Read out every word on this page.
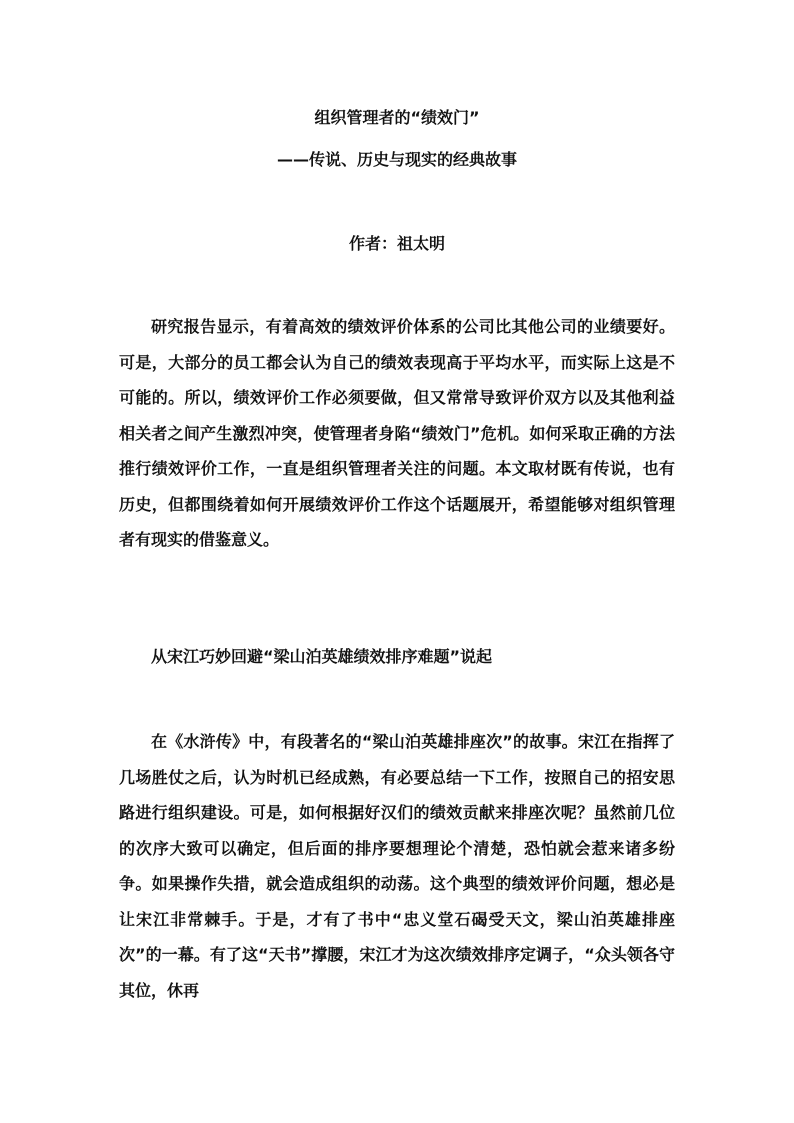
组织管理者的“绩效门”
——传说、历史与现实的经典故事
作者：祖太明

研究报告显示，有着高效的绩效评价体系的公司比其他公司的业绩要好。可是，大部分的员工都会认为自己的绩效表现高于平均水平，而实际上这是不可能的。所以，绩效评价工作必须要做，但又常常导致评价双方以及其他利益相关者之间产生激烈冲突，使管理者身陷“绩效门”危机。如何采取正确的方法推行绩效评价工作，一直是组织管理者关注的问题。本文取材既有传说，也有历史，但都围绕着如何开展绩效评价工作这个话题展开，希望能够对组织管理者有现实的借鉴意义。

从宋江巧妙回避“梁山泊英雄绩效排序难题”说起

在《水浒传》中，有段著名的“梁山泊英雄排座次”的故事。宋江在指挥了几场胜仗之后，认为时机已经成熟，有必要总结一下工作，按照自己的招安思路进行组织建设。可是，如何根据好汉们的绩效贡献来排座次呢？虽然前几位的次序大致可以确定，但后面的排序要想理论个清楚，恐怕就会惹来诸多纷争。如果操作失措，就会造成组织的动荡。这个典型的绩效评价问题，想必是让宋江非常棘手。于是，才有了书中“忠义堂石碣受天文，梁山泊英雄排座次”的一幕。有了这“天书”撑腰，宋江才为这次绩效排序定调子，“众头领各守其位，休再
